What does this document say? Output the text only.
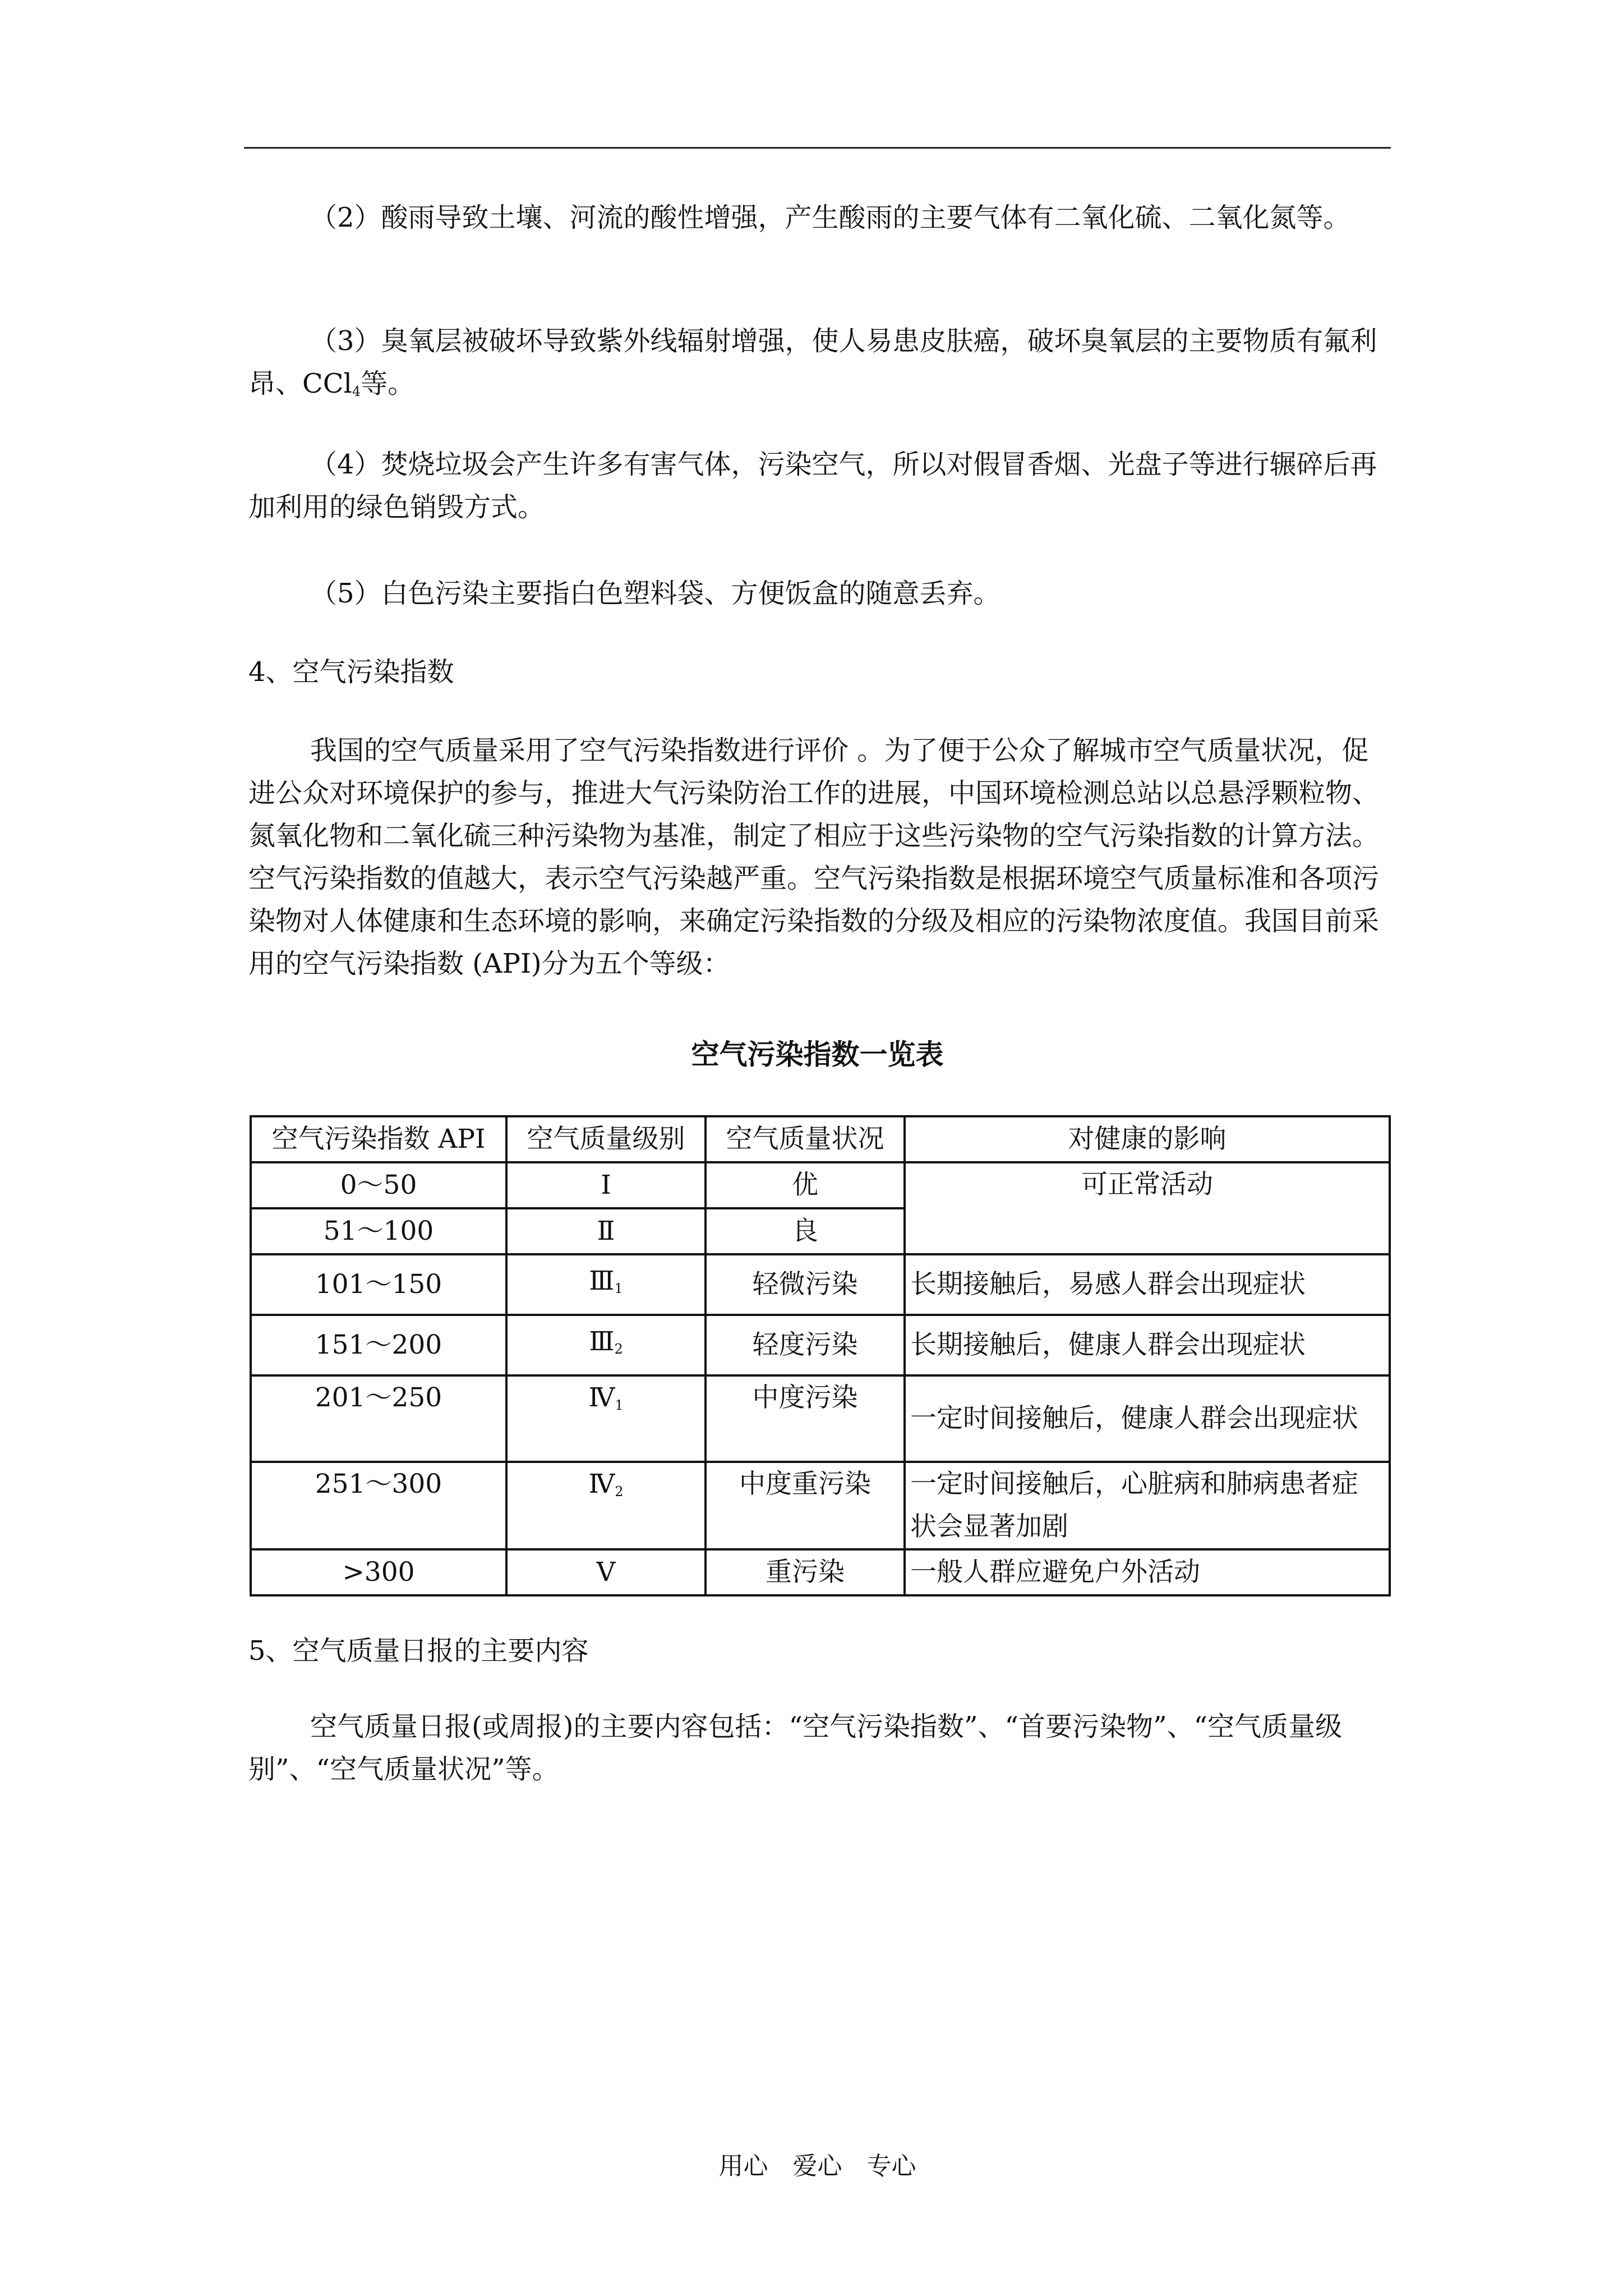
（2）酸雨导致土壤、河流的酸性增强，产生酸雨的主要气体有二氧化硫、二氧化氮等。

（3）臭氧层被破坏导致紫外线辐射增强，使人易患皮肤癌，破坏臭氧层的主要物质有氟利昂、CCl$_4$等。

（4）焚烧垃圾会产生许多有害气体，污染空气，所以对假冒香烟、光盘子等进行辗碎后再加利用的绿色销毁方式。

（5）白色污染主要指白色塑料袋、方便饭盒的随意丢弃。

4、空气污染指数

我国的空气质量采用了空气污染指数进行评价 。为了便于公众了解城市空气质量状况，促进公众对环境保护的参与，推进大气污染防治工作的进展，中国环境检测总站以总悬浮颗粒物、氮氧化物和二氧化硫三种污染物为基准，制定了相应于这些污染物的空气污染指数的计算方法。空气污染指数的值越大，表示空气污染越严重。空气污染指数是根据环境空气质量标准和各项污染物对人体健康和生态环境的影响，来确定污染指数的分级及相应的污染物浓度值。我国目前采用的空气污染指数 (API)分为五个等级：

空气污染指数一览表
空气污染指数 API	空气质量级别	空气质量状况	对健康的影响
0～50	I	优	可正常活动
51～100	Ⅱ	良	
101～150	$Ⅲ_1$	轻微污染	长期接触后，易感人群会出现症状
151～200	$Ⅲ_2$	轻度污染	长期接触后，健康人群会出现症状
201～250	$Ⅳ_1$	中度污染	一定时间接触后，健康人群会出现症状
251～300	$Ⅳ_2$	中度重污染	一定时间接触后，心脏病和肺病患者症状会显著加剧
>300	V	重污染	一般人群应避免户外活动

5、空气质量日报的主要内容

空气质量日报(或周报)的主要内容包括：“空气污染指数”、“首要污染物”、“空气质量级别”、“空气质量状况”等。

用心 爱心 专心
